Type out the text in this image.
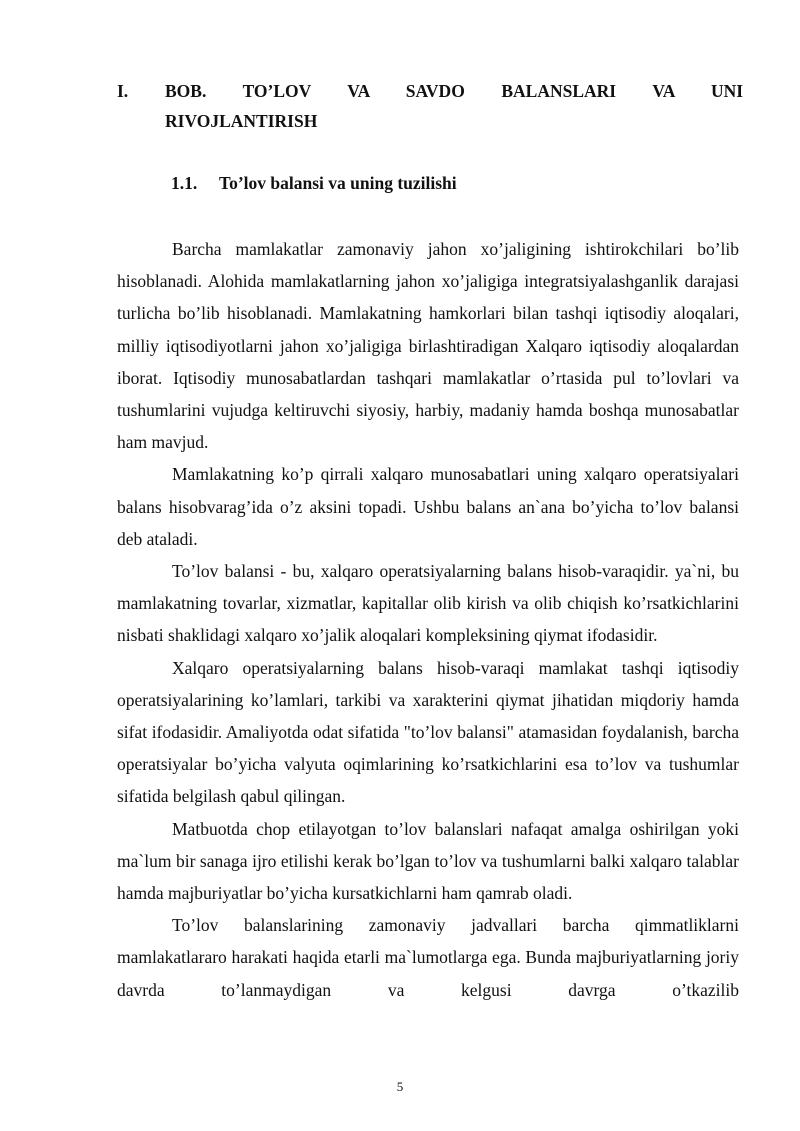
I. BOB. TO’LOV VA SAVDO BALANSLARI VA UNI
RIVOJLANTIRISH
1.1. To’lov balansi va uning tuzilishi

Barcha mamlakatlar zamonaviy jahon xo’jaligining ishtirokchilari bo’lib hisoblanadi. Alohida mamlakatlarning jahon xo’jaligiga integratsiyalashganlik darajasi turlicha bo’lib hisoblanadi. Mamlakatning hamkorlari bilan tashqi iqtisodiy aloqalari, milliy iqtisodiyotlarni jahon xo’jaligiga birlashtiradigan Xalqaro iqtisodiy aloqalardan iborat. Iqtisodiy munosabatlardan tashqari mamlakatlar o’rtasida pul to’lovlari va tushumlarini vujudga keltiruvchi siyosiy, harbiy, madaniy hamda boshqa munosabatlar ham mavjud.

Mamlakatning ko’p qirrali xalqaro munosabatlari uning xalqaro operatsiyalari balans hisobvarag’ida o’z aksini topadi. Ushbu balans an`ana bo’yicha to’lov balansi deb ataladi.

To’lov balansi - bu, xalqaro operatsiyalarning balans hisob-varaqidir. ya`ni, bu mamlakatning tovarlar, xizmatlar, kapitallar olib kirish va olib chiqish ko’rsatkichlarini nisbati shaklidagi xalqaro xo’jalik aloqalari kompleksining qiymat ifodasidir.

Xalqaro operatsiyalarning balans hisob-varaqi mamlakat tashqi iqtisodiy operatsiyalarining ko’lamlari, tarkibi va xarakterini qiymat jihatidan miqdoriy hamda sifat ifodasidir. Amaliyotda odat sifatida "to’lov balansi" atamasidan foydalanish, barcha operatsiyalar bo’yicha valyuta oqimlarining ko’rsatkichlarini esa to’lov va tushumlar sifatida belgilash qabul qilingan.

Matbuotda chop etilayotgan to’lov balanslari nafaqat amalga oshirilgan yoki ma`lum bir sanaga ijro etilishi kerak bo’lgan to’lov va tushumlarni balki xalqaro talablar hamda majburiyatlar bo’yicha kursatkichlarni ham qamrab oladi.

To’lov balanslarining zamonaviy jadvallari barcha qimmatliklarni mamlakatlararo harakati haqida etarli ma`lumotlarga ega. Bunda majburiyatlarning joriy davrda to’lanmaydigan va kelgusi davrga o’tkazilib

5
